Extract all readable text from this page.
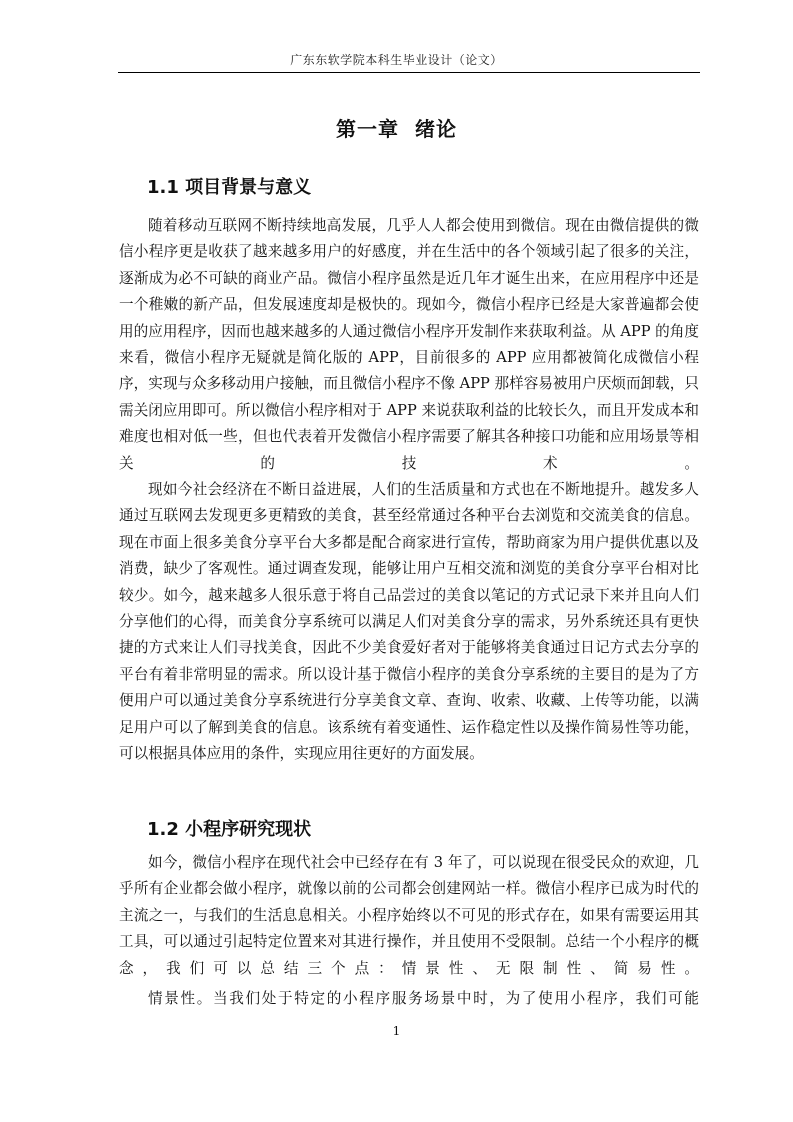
广东东软学院本科生毕业设计（论文）
第一章  绪论
1.1 项目背景与意义

随着移动互联网不断持续地高发展，几乎人人都会使用到微信。现在由微信提供的微信小程序更是收获了越来越多用户的好感度，并在生活中的各个领域引起了很多的关注，逐渐成为必不可缺的商业产品。微信小程序虽然是近几年才诞生出来，在应用程序中还是一个稚嫩的新产品，但发展速度却是极快的。现如今，微信小程序已经是大家普遍都会使用的应用程序，因而也越来越多的人通过微信小程序开发制作来获取利益。从 APP 的角度来看，微信小程序无疑就是简化版的 APP，目前很多的 APP 应用都被简化成微信小程序，实现与众多移动用户接触，而且微信小程序不像 APP 那样容易被用户厌烦而卸载，只需关闭应用即可。所以微信小程序相对于 APP 来说获取利益的比较长久，而且开发成本和难度也相对低一些，但也代表着开发微信小程序需要了解其各种接口功能和应用场景等相关的技术。

现如今社会经济在不断日益进展，人们的生活质量和方式也在不断地提升。越发多人通过互联网去发现更多更精致的美食，甚至经常通过各种平台去浏览和交流美食的信息。现在市面上很多美食分享平台大多都是配合商家进行宣传，帮助商家为用户提供优惠以及消费，缺少了客观性。通过调查发现，能够让用户互相交流和浏览的美食分享平台相对比较少。如今，越来越多人很乐意于将自己品尝过的美食以笔记的方式记录下来并且向人们分享他们的心得，而美食分享系统可以满足人们对美食分享的需求，另外系统还具有更快捷的方式来让人们寻找美食，因此不少美食爱好者对于能够将美食通过日记方式去分享的平台有着非常明显的需求。所以设计基于微信小程序的美食分享系统的主要目的是为了方便用户可以通过美食分享系统进行分享美食文章、查询、收索、收藏、上传等功能，以满足用户可以了解到美食的信息。该系统有着变通性、运作稳定性以及操作简易性等功能，可以根据具体应用的条件，实现应用往更好的方面发展。

1.2 小程序研究现状

如今，微信小程序在现代社会中已经存在有 3 年了，可以说现在很受民众的欢迎，几乎所有企业都会做小程序，就像以前的公司都会创建网站一样。微信小程序已成为时代的主流之一，与我们的生活息息相关。小程序始终以不可见的形式存在，如果有需要运用其工具，可以通过引起特定位置来对其进行操作，并且使用不受限制。总结一个小程序的概念，我们可以总结三个点：情景性、无限制性、简易性。

情景性。当我们处于特定的小程序服务场景中时，为了使用小程序，我们可能

1
